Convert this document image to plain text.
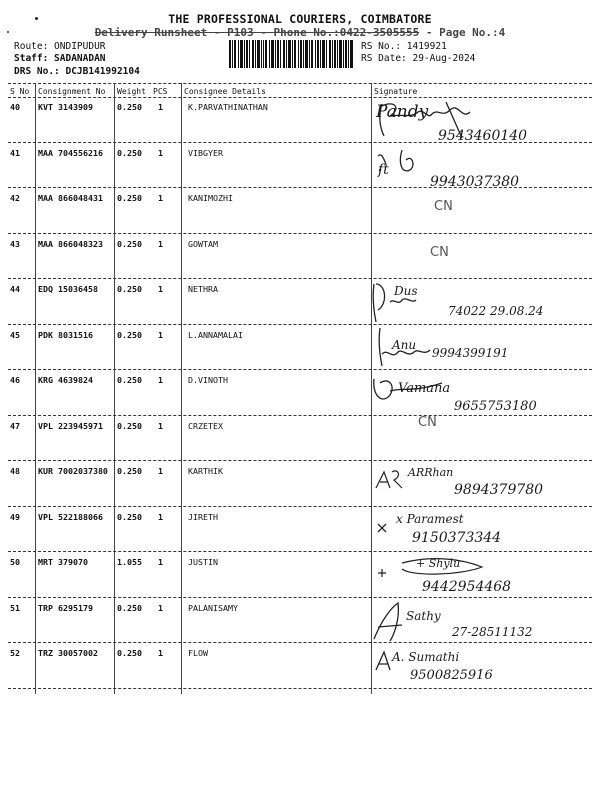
THE PROFESSIONAL COURIERS, COIMBATORE
Delivery Runsheet - P103 - Phone No.:0422-3505555 - Page No.:4
Route: ONDIPUDUR
Staff: SADANADAN
DRS No.: DCJB141992104
RS No.: 1419921
RS Date: 29-Aug-2024
S No Consignment No Weight PCS Consignee Details	Signature
40 KVT 3143909	0.250 1	K.PARVATHINATHAN	Pandy
9543460140
41 MAA 704556216 0.250 1	VIBGYER
ft
9943037380
42 MAA 866048431 0.250 1	KANIMOZHI
CN
43 MAA 866048323 0.250 1	GOWTAM
CN
44 EDQ 15036458 0.250 1	NETHRA	Dus
74022 29.08.24
45 PDK 8031516	0.250 1	L.ANNAMALAI
Anu
9994399191
46 KRG 4639824	0.250 1	D.VINOTH
Vamana
9655753180
47 VPL 223945971 0.250 1	CRZETEX	CN
48 KUR 7002037380 0.250 1	KARTHIK	ARRhan
9894379780
49 VPL 522188066 0.250 1	JIRETH	x Paramest
9150373344
50 MRT 379070	1.055 1	JUSTIN	+ Shylu
9442954468
51 TRP 6295179	0.250 1	PALANISAMY
Sathy
27-28511132
52 TRZ 30057002 0.250 1	FLOW	A. Sumathi
9500825916
